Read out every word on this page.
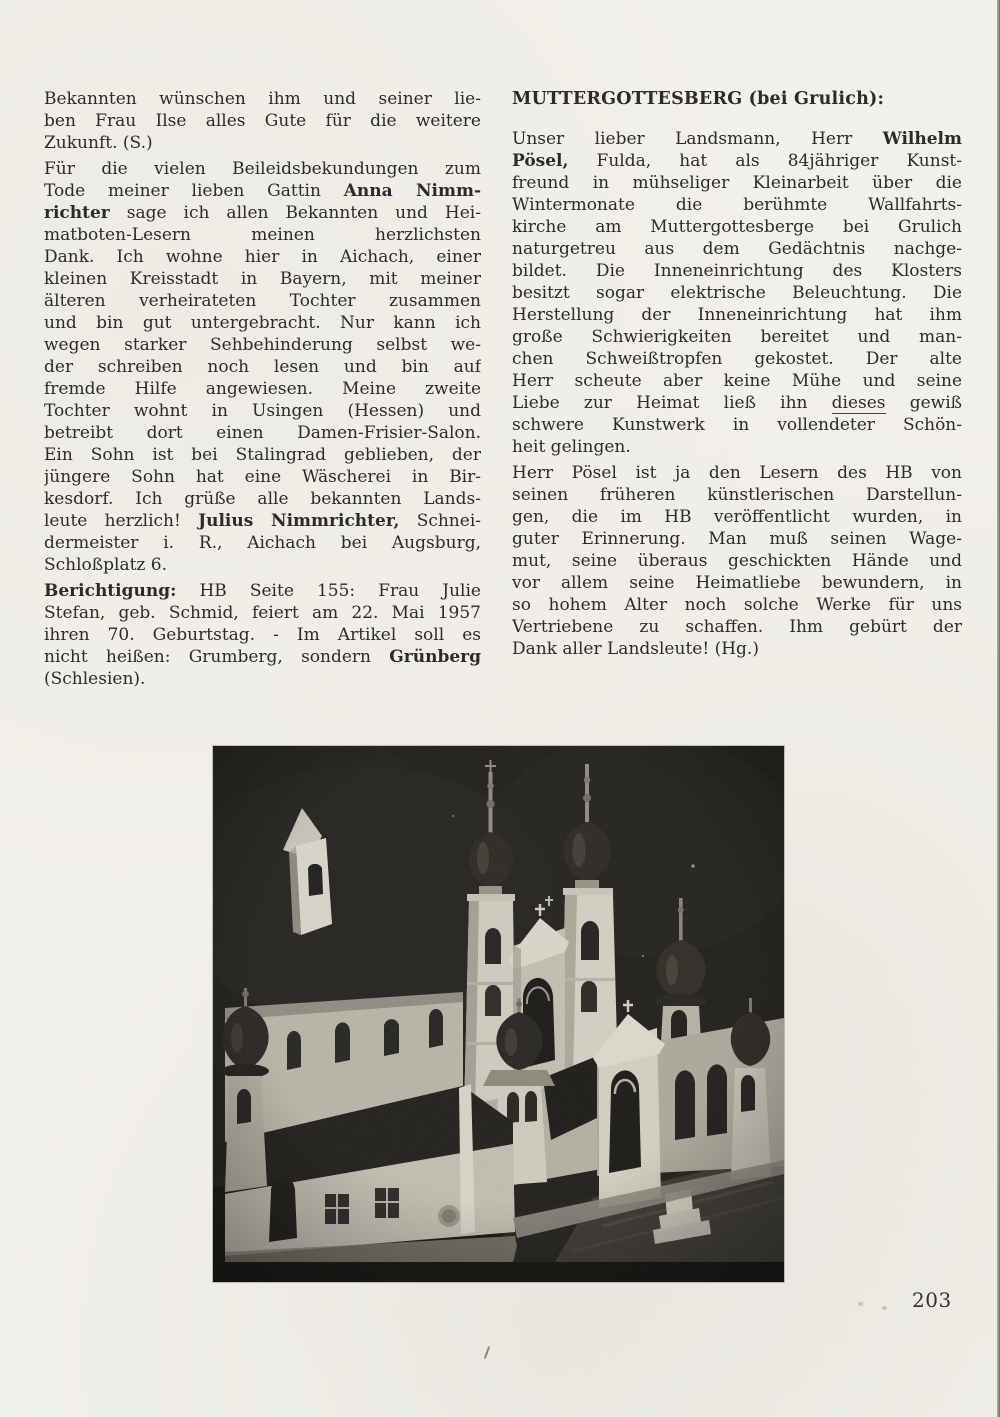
Bekannten wünschen ihm und seiner lie-
ben Frau Ilse alles Gute für die weitere
Zukunft. (S.)
Für die vielen Beileidsbekundungen zum
Tode meiner lieben Gattin Anna Nimm-
richter sage ich allen Bekannten und Hei-
matboten-Lesern meinen herzlichsten
Dank. Ich wohne hier in Aichach, einer
kleinen Kreisstadt in Bayern, mit meiner
älteren verheirateten Tochter zusammen
und bin gut untergebracht. Nur kann ich
wegen starker Sehbehinderung selbst we-
der schreiben noch lesen und bin auf
fremde Hilfe angewiesen. Meine zweite
Tochter wohnt in Usingen (Hessen) und
betreibt dort einen Damen-Frisier-Salon.
Ein Sohn ist bei Stalingrad geblieben, der
jüngere Sohn hat eine Wäscherei in Bir-
kesdorf. Ich grüße alle bekannten Lands-
leute herzlich! Julius Nimmrichter, Schnei-
dermeister i. R., Aichach bei Augsburg,
Schloßplatz 6.
Berichtigung: HB Seite 155: Frau Julie
Stefan, geb. Schmid, feiert am 22. Mai 1957
ihren 70. Geburtstag. - Im Artikel soll es
nicht heißen: Grumberg, sondern Grünberg
(Schlesien).
MUTTERGOTTESBERG (bei Grulich):
Unser lieber Landsmann, Herr Wilhelm
Pösel, Fulda, hat als 84jähriger Kunst-
freund in mühseliger Kleinarbeit über die
Wintermonate die berühmte Wallfahrts-
kirche am Muttergottesberge bei Grulich
naturgetreu aus dem Gedächtnis nachge-
bildet. Die Inneneinrichtung des Klosters
besitzt sogar elektrische Beleuchtung. Die
Herstellung der Inneneinrichtung hat ihm
große Schwierigkeiten bereitet und man-
chen Schweißtropfen gekostet. Der alte
Herr scheute aber keine Mühe und seine
Liebe zur Heimat ließ ihn dieses gewiß
schwere Kunstwerk in vollendeter Schön-
heit gelingen.
Herr Pösel ist ja den Lesern des HB von
seinen früheren künstlerischen Darstellun-
gen, die im HB veröffentlicht wurden, in
guter Erinnerung. Man muß seinen Wage-
mut, seine überaus geschickten Hände und
vor allem seine Heimatliebe bewundern, in
so hohem Alter noch solche Werke für uns
Vertriebene zu schaffen. Ihm gebürt der
Dank aller Landsleute! (Hg.)
203
